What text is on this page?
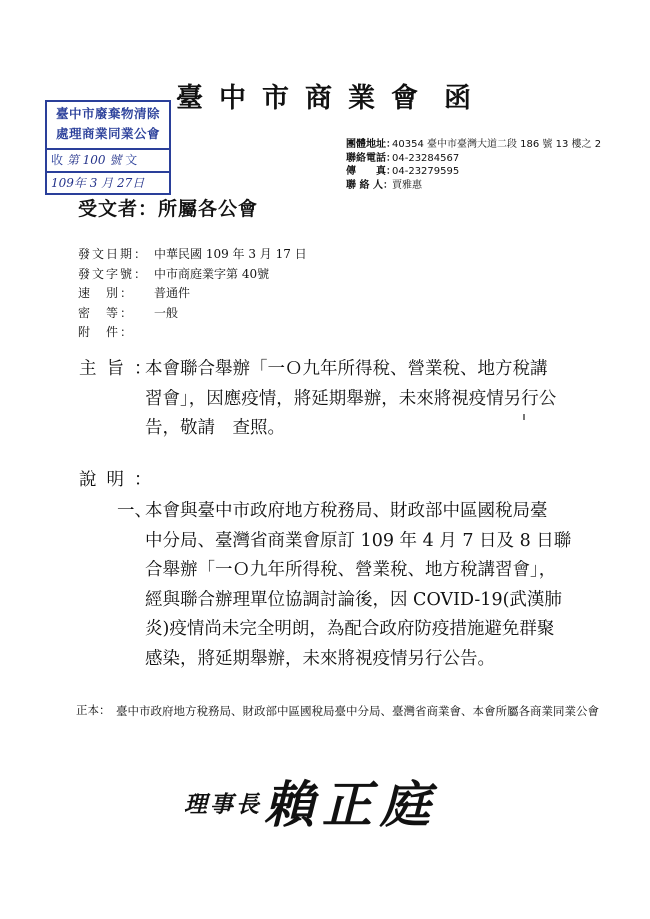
臺中市商業會 函
臺中市廢棄物清除
處理商業同業公會
收 第 100 號 文
109年 3 月 27日
團體地址：40354 臺中市臺灣大道二段 186 號 13 樓之 2
聯絡電話：04-23284567
傳　　真：04-23279595
聯 絡 人：賈雅惠
受文者：所屬各公會
發文日期： 中華民國 109 年 3 月 17 日
發文字號： 中市商庭業字第 40號
速　別： 普通件
密　等： 一般
附　件：
主旨：
本會聯合舉辦「一Ｏ九年所得稅、營業稅、地方稅講
習會」，因應疫情，將延期舉辦，未來將視疫情另行公
告，敬請　查照。
說明：
一、
本會與臺中市政府地方稅務局、財政部中區國稅局臺
中分局、臺灣省商業會原訂 109 年 4 月 7 日及 8 日聯
合舉辦「一Ｏ九年所得稅、營業稅、地方稅講習會」，
經與聯合辦理單位協調討論後，因 COVID-19(武漢肺
炎)疫情尚未完全明朗，為配合政府防疫措施避免群聚
感染，將延期舉辦，未來將視疫情另行公告。
正本： 臺中市政府地方稅務局、財政部中區國稅局臺中分局、臺灣省商業會、本會所屬各商業同業公會
理事長 賴正庭
